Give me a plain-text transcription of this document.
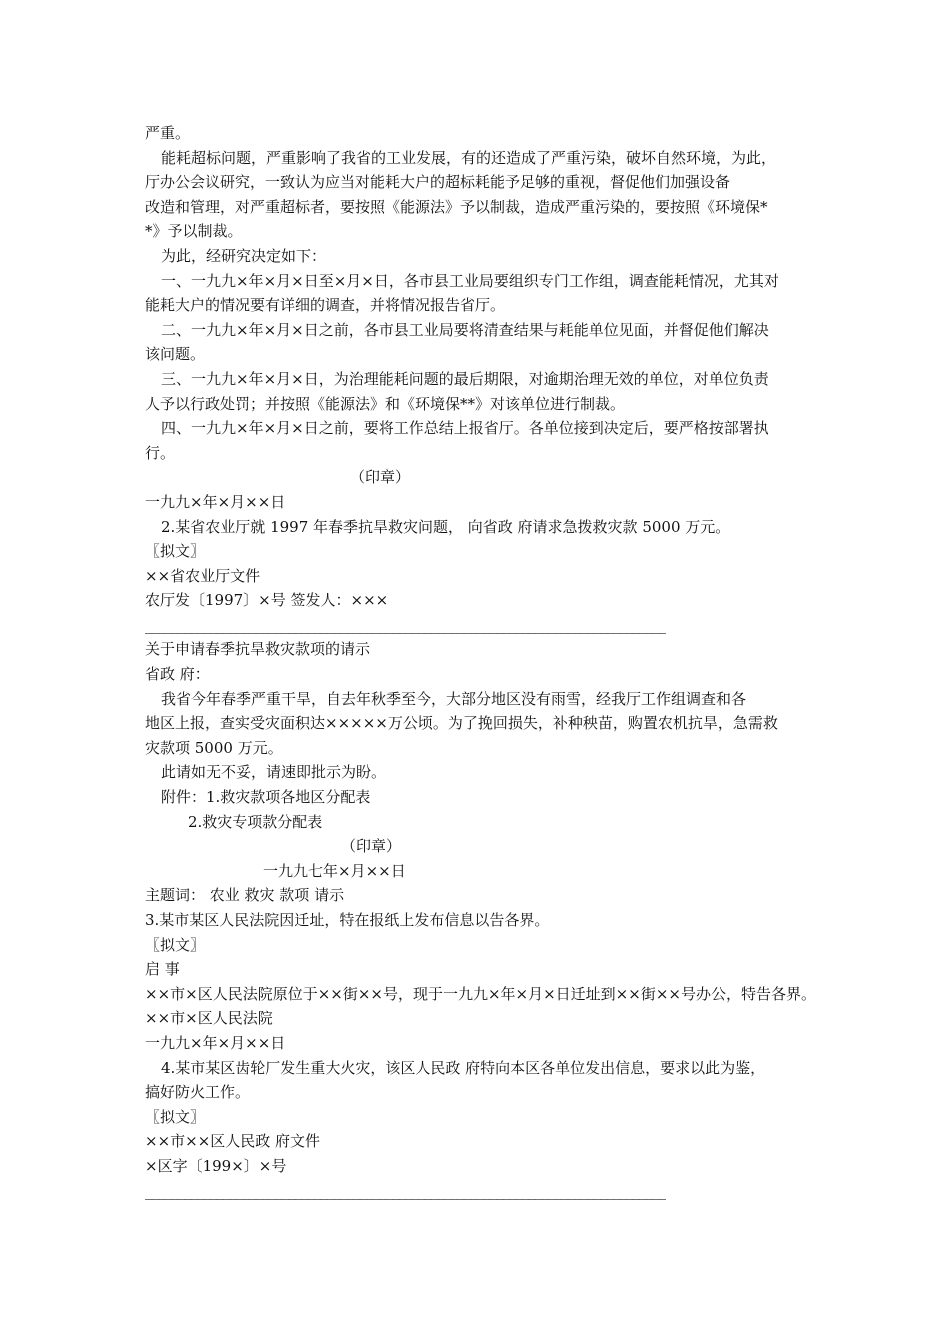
严重。

能耗超标问题，严重影响了我省的工业发展，有的还造成了严重污染，破坏自然环境，为此，

厅办公会议研究，一致认为应当对能耗大户的超标耗能予足够的重视，督促他们加强设备

改造和管理，对严重超标者，要按照《能源法》予以制裁，造成严重污染的，要按照《环境保*

*》予以制裁。

为此，经研究决定如下：

一、一九九×年×月×日至×月×日，各市县工业局要组织专门工作组，调查能耗情况，尤其对

能耗大户的情况要有详细的调查，并将情况报告省厅。

二、一九九×年×月×日之前，各市县工业局要将清查结果与耗能单位见面，并督促他们解决

该问题。

三、一九九×年×月×日，为治理能耗问题的最后期限，对逾期治理无效的单位，对单位负责

人予以行政处罚；并按照《能源法》和《环境保**》对该单位进行制裁。

四、一九九×年×月×日之前，要将工作总结上报省厅。各单位接到决定后，要严格按部署执

行。

（印章）

一九九×年×月××日

2.某省农业厅就 1997 年春季抗旱救灾问题， 向省政 府请求急拨救灾款 5000 万元。

〖拟文〗

××省农业厅文件

农厅发〔1997〕×号 签发人：×××

________________________________________________________________________________

关于申请春季抗旱救灾款项的请示

省政 府：

我省今年春季严重干旱，自去年秋季至今，大部分地区没有雨雪，经我厅工作组调查和各

地区上报，查实受灾面积达×××××万公顷。为了挽回损失，补种秧苗，购置农机抗旱，急需救

灾款项 5000 万元。

此请如无不妥，请速即批示为盼。

附件：1.救灾款项各地区分配表

2.救灾专项款分配表

（印章）

一九九七年×月××日

主题词： 农业 救灾 款项 请示

3.某市某区人民法院因迁址，特在报纸上发布信息以告各界。

〖拟文〗

启 事

××市×区人民法院原位于××街××号，现于一九九×年×月×日迁址到××街××号办公，特告各界。

××市×区人民法院

一九九×年×月××日

4.某市某区齿轮厂发生重大火灾，该区人民政 府特向本区各单位发出信息，要求以此为鉴，

搞好防火工作。

〖拟文〗

××市××区人民政 府文件

×区字〔199×〕×号

________________________________________________________________________________
